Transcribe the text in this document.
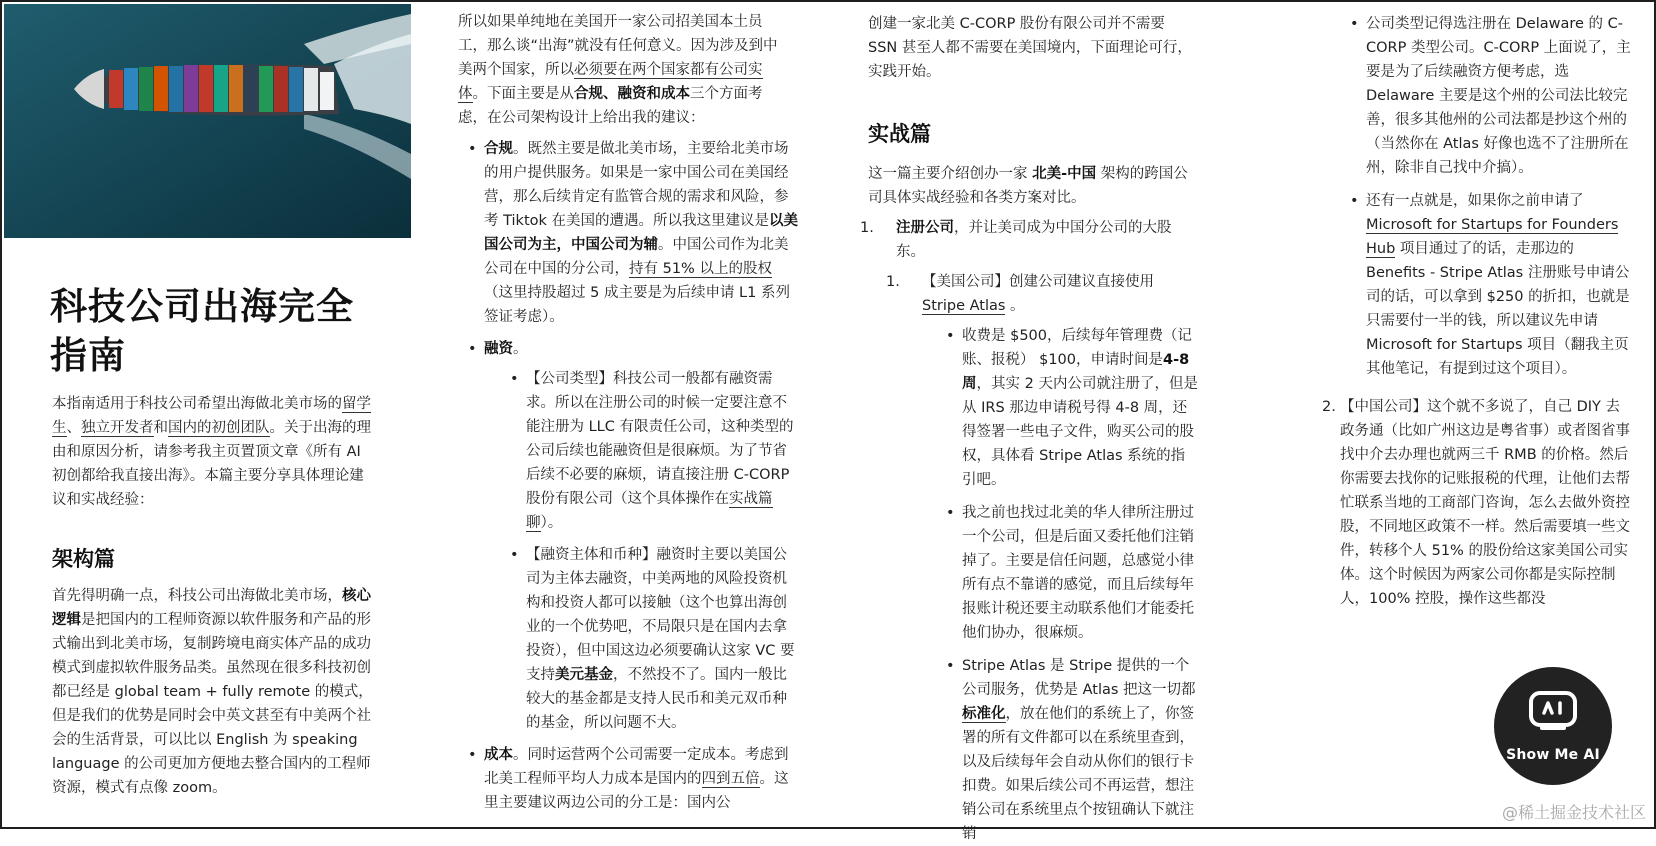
科技公司出海完全指南

本指南适用于科技公司希望出海做北美市场的留学生、独立开发者和国内的初创团队。关于出海的理由和原因分析，请参考我主页置顶文章《所有 AI 初创都给我直接出海》。本篇主要分享具体理论建议和实战经验：

架构篇

首先得明确一点，科技公司出海做北美市场，核心逻辑是把国内的工程师资源以软件服务和产品的形式输出到北美市场，复制跨境电商实体产品的成功模式到虚拟软件服务品类。虽然现在很多科技初创都已经是 global team + fully remote 的模式，但是我们的优势是同时会中英文甚至有中美两个社会的生活背景，可以比以 English 为 speaking language 的公司更加方便地去整合国内的工程师资源，模式有点像 zoom。

所以如果单纯地在美国开一家公司招美国本土员工，那么谈“出海”就没有任何意义。因为涉及到中美两个国家，所以必须要在两个国家都有公司实体。下面主要是从合规、融资和成本三个方面考虑，在公司架构设计上给出我的建议：

• 合规。既然主要是做北美市场，主要给北美市场的用户提供服务。如果是一家中国公司在美国经营，那么后续肯定有监管合规的需求和风险，参考 Tiktok 在美国的遭遇。所以我这里建议是以美国公司为主，中国公司为辅。中国公司作为北美公司在中国的分公司，持有 51% 以上的股权（这里持股超过 5 成主要是为后续申请 L1 系列签证考虑）。
• 融资。
• 【公司类型】科技公司一般都有融资需求。所以在注册公司的时候一定要注意不能注册为 LLC 有限责任公司，这种类型的公司后续也能融资但是很麻烦。为了节省后续不必要的麻烦，请直接注册 C-CORP 股份有限公司（这个具体操作在实战篇聊）。
• 【融资主体和币种】融资时主要以美国公司为主体去融资，中美两地的风险投资机构和投资人都可以接触（这个也算出海创业的一个优势吧，不局限只是在国内去拿投资），但中国这边必须要确认这家 VC 要支持美元基金，不然投不了。国内一般比较大的基金都是支持人民币和美元双币种的基金，所以问题不大。
• 成本。同时运营两个公司需要一定成本。考虑到北美工程师平均人力成本是国内的四到五倍。这里主要建议两边公司的分工是：国内公

创建一家北美 C-CORP 股份有限公司并不需要 SSN 甚至人都不需要在美国境内，下面理论可行，实践开始。

实战篇

这一篇主要介绍创办一家 北美-中国 架构的跨国公司具体实战经验和各类方案对比。

1. 注册公司，并让美司成为中国分公司的大股东。
1. 【美国公司】创建公司建议直接使用 Stripe Atlas 。
• 收费是 $500，后续每年管理费（记账、报税） $100，申请时间是4-8 周，其实 2 天内公司就注册了，但是从 IRS 那边申请税号得 4-8 周，还得签署一些电子文件，购买公司的股权，具体看 Stripe Atlas 系统的指引吧。
• 我之前也找过北美的华人律所注册过一个公司，但是后面又委托他们注销掉了。主要是信任问题，总感觉小律所有点不靠谱的感觉，而且后续每年报账计税还要主动联系他们才能委托他们协办，很麻烦。
• Stripe Atlas 是 Stripe 提供的一个公司服务，优势是 Atlas 把这一切都标准化，放在他们的系统上了，你签署的所有文件都可以在系统里查到，以及后续每年会自动从你们的银行卡扣费。如果后续公司不再运营，想注销公司在系统里点个按钮确认下就注销
• 公司类型记得选注册在 Delaware 的 C-CORP 类型公司。C-CORP 上面说了，主要是为了后续融资方便考虑，选 Delaware 主要是这个州的公司法比较完善，很多其他州的公司法都是抄这个州的（当然你在 Atlas 好像也选不了注册所在州，除非自己找中介搞）。
• 还有一点就是，如果你之前申请了 Microsoft for Startups for Founders Hub 项目通过了的话，走那边的 Benefits - Stripe Atlas 注册账号申请公司的话，可以拿到 $250 的折扣，也就是只需要付一半的钱，所以建议先申请 Microsoft for Startups 项目（翻我主页其他笔记，有提到过这个项目）。
2. 【中国公司】这个就不多说了，自己 DIY 去政务通（比如广州这边是粤省事）或者图省事找中介去办理也就两三千 RMB 的价格。然后你需要去找你的记账报税的代理，让他们去帮忙联系当地的工商部门咨询，怎么去做外资控股，不同地区政策不一样。然后需要填一些文件，转移个人 51% 的股份给这家美国公司实体。这个时候因为两家公司你都是实际控制人，100% 控股，操作这些都没
Show Me AI
@稀土掘金技术社区
